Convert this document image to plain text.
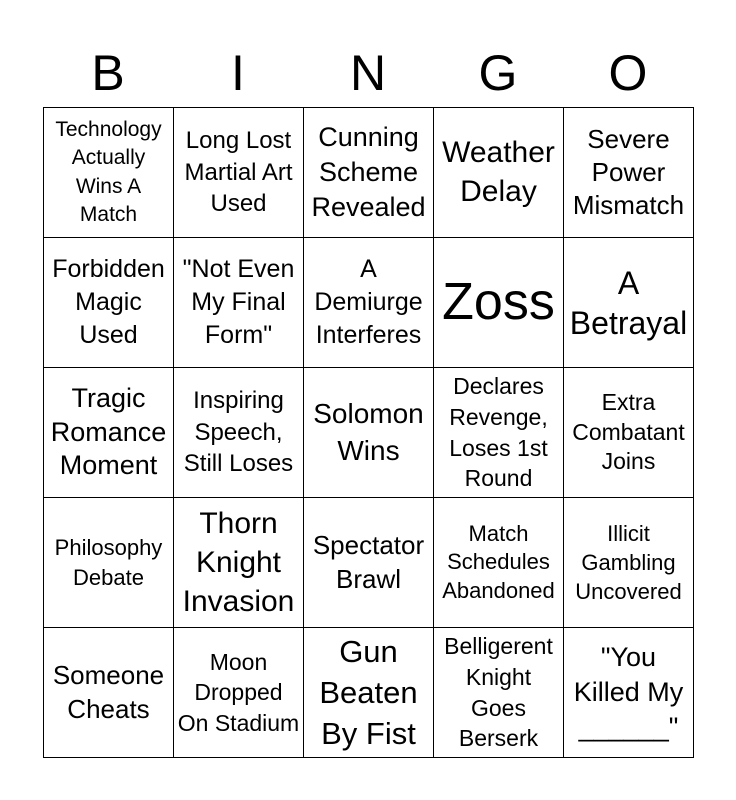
B	I	N	G	O
Technology Actually Wins A Match	Long Lost Martial Art Used	Cunning Scheme Revealed	Weather Delay	Severe Power Mismatch
Forbidden Magic Used	"Not Even My Final Form"	A Demiurge Interferes	Zoss	A Betrayal
Tragic Romance Moment	Inspiring Speech, Still Loses	Solomon Wins	Declares Revenge, Loses 1st Round	Extra Combatant Joins
Philosophy Debate	Thorn Knight Invasion	Spectator Brawl	Match Schedules Abandoned	Illicit Gambling Uncovered
Someone Cheats	Moon Dropped On Stadium	Gun Beaten By Fist	Belligerent Knight Goes Berserk	"You Killed My ______"
